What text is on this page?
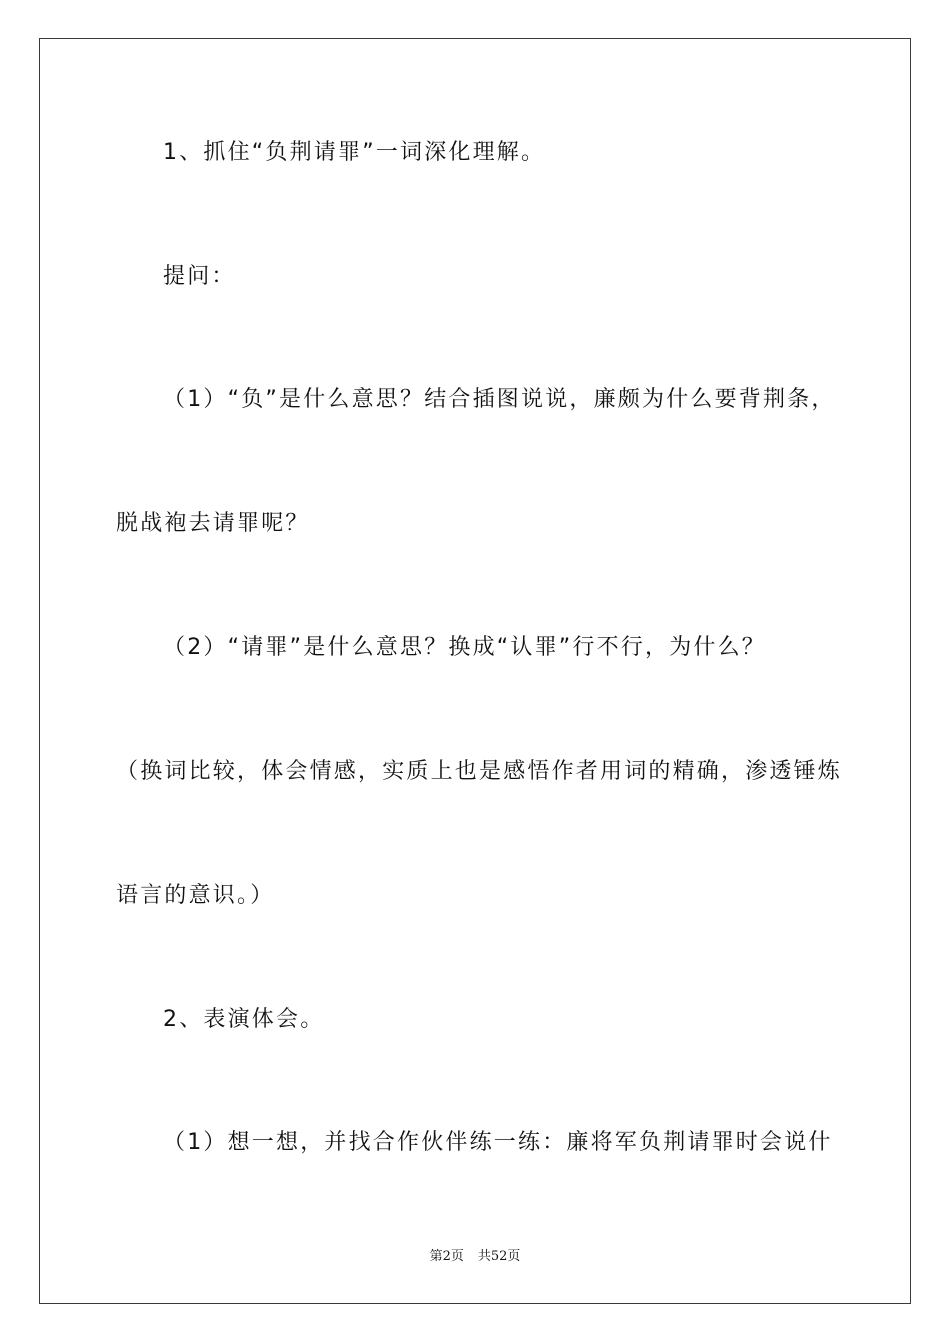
1、抓住“负荆请罪”一词深化理解。
提问：
（1）“负”是什么意思？结合插图说说，廉颇为什么要背荆条，
脱战袍去请罪呢？
（2）“请罪”是什么意思？换成“认罪”行不行，为什么？
（换词比较，体会情感，实质上也是感悟作者用词的精确，渗透锤炼
语言的意识。）
2、表演体会。
（1）想一想，并找合作伙伴练一练：廉将军负荆请罪时会说什
第2页 共52页
